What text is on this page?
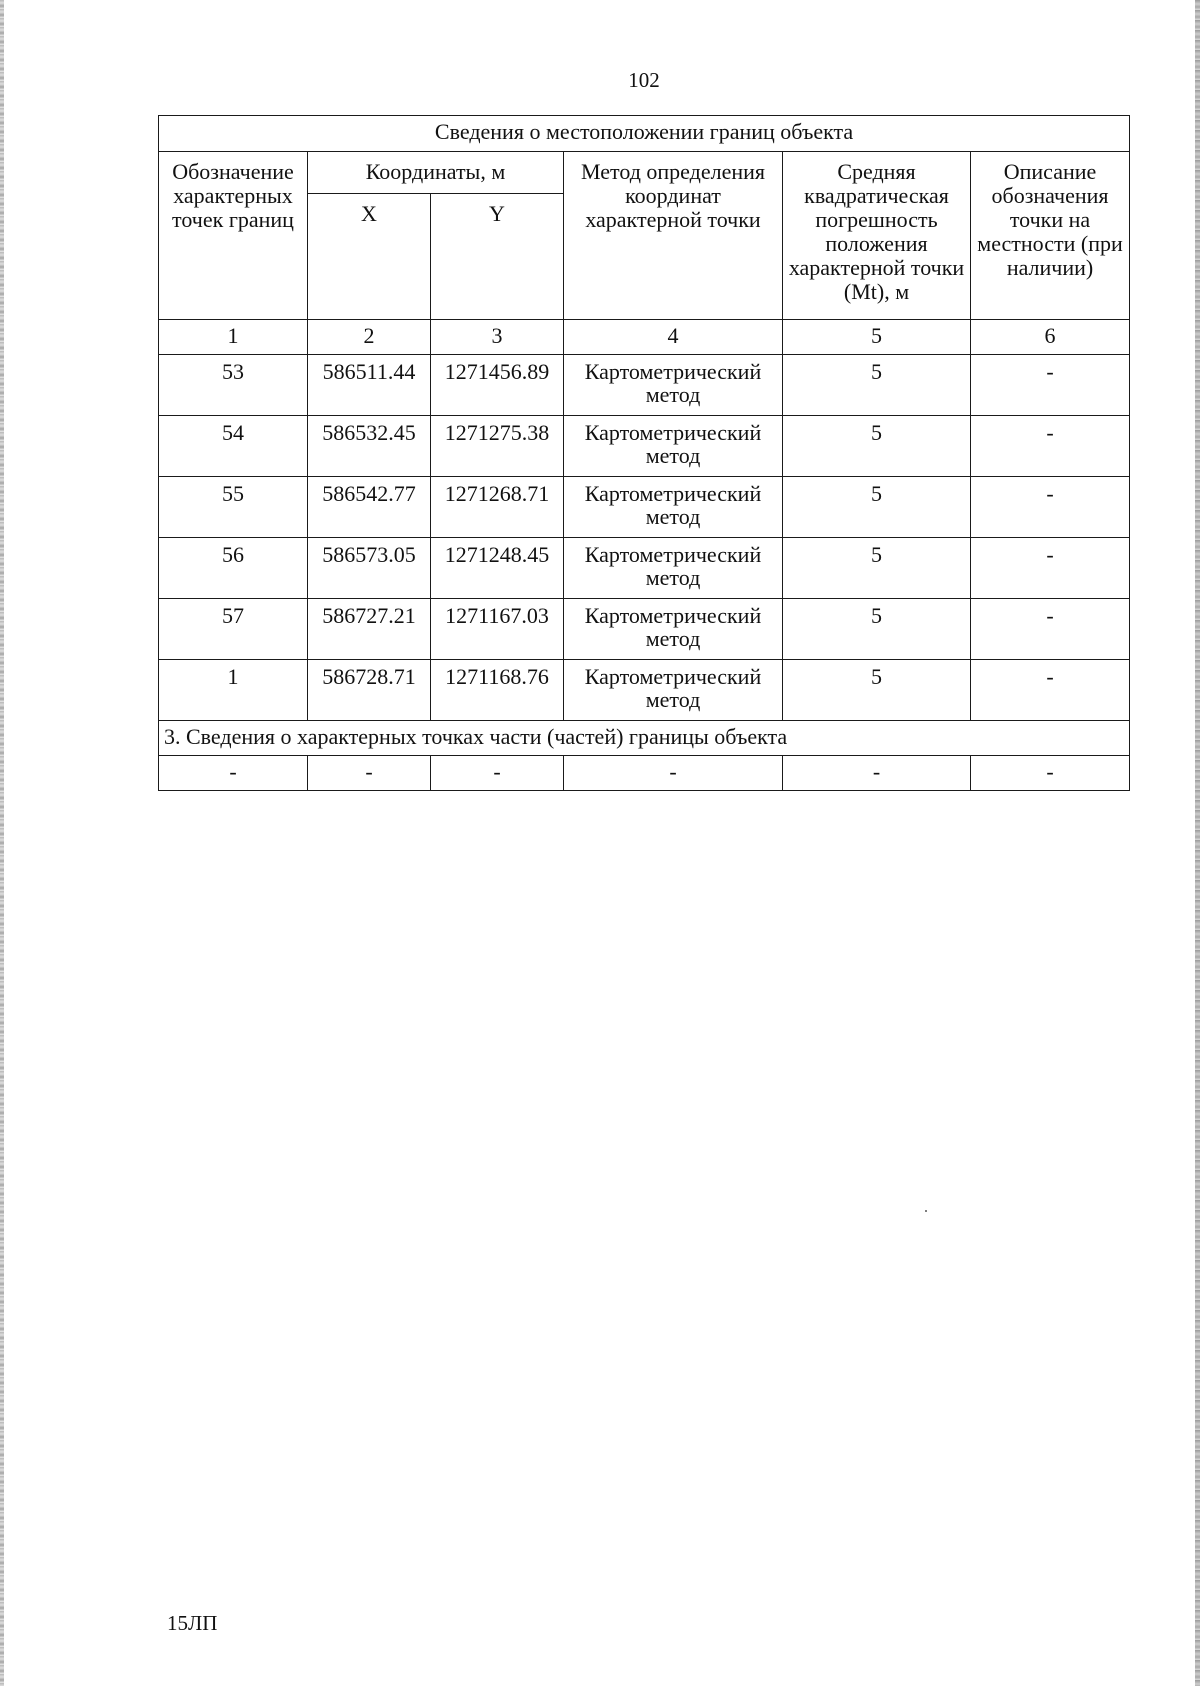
102
Сведения о местоположении границ объекта					
Обозначение характерных точек границ	Координаты, м		Метод определения координат характерной точки	Средняя квадратическая погрешность положения характерной точки (Mt), м	Описание обозначения точки на местности (при наличии)
	X	Y			
1	2	3	4	5	6
53	586511.44	1271456.89	Картометрический метод	5	-
54	586532.45	1271275.38	Картометрический метод	5	-
55	586542.77	1271268.71	Картометрический метод	5	-
56	586573.05	1271248.45	Картометрический метод	5	-
57	586727.21	1271167.03	Картометрический метод	5	-
1	586728.71	1271168.76	Картометрический метод	5	-
3. Сведения о характерных точках части (частей) границы объекта					
-	-	-	-	-	-
15ЛП
